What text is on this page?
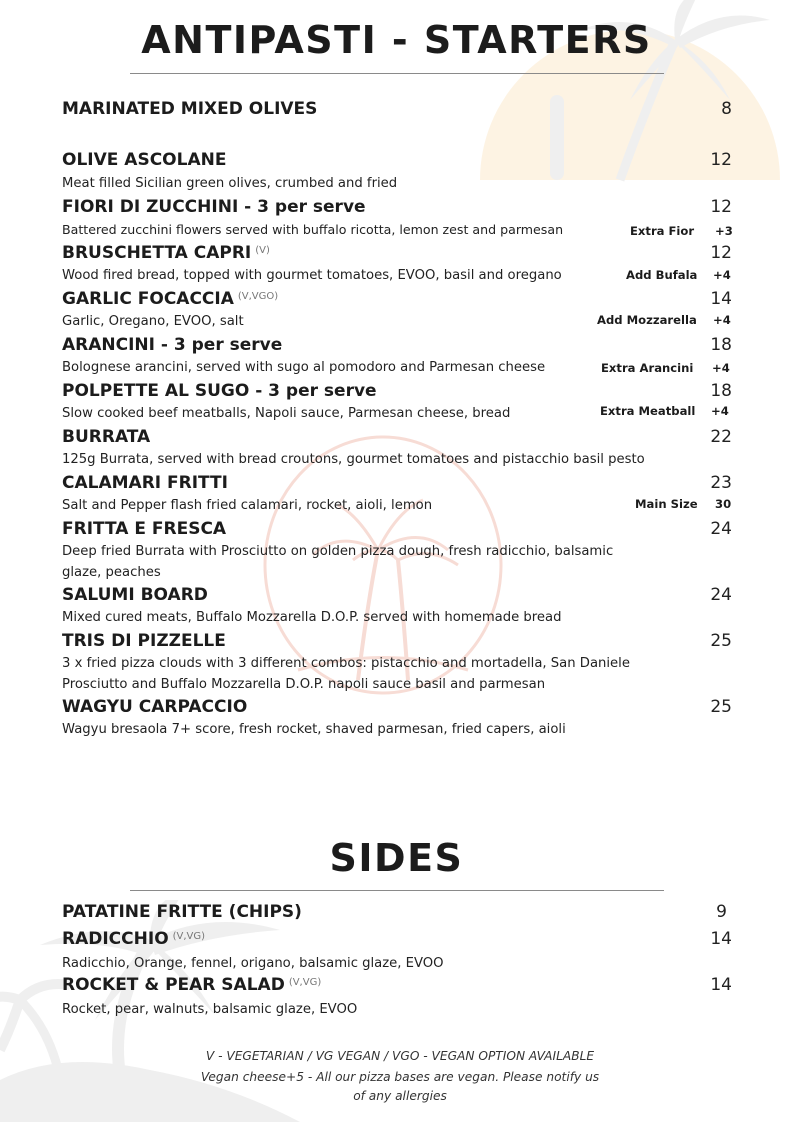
ANTIPASTI - STARTERS
MARINATED MIXED OLIVES	8
OLIVE ASCOLANE	12
Meat filled Sicilian green olives, crumbed and fried
FIORI DI ZUCCHINI - 3 per serve	12
Battered zucchini flowers served with buffalo ricotta, lemon zest and parmesan	Extra Fior +3
BRUSCHETTA CAPRI $^{(V)}$	12
Wood fired bread, topped with gourmet tomatoes, EVOO, basil and oregano	Add Bufala +4
GARLIC FOCACCIA $^{(V,VGO)}$	14
Garlic, Oregano, EVOO, salt	Add Mozzarella +4
ARANCINI - 3 per serve	18
Bolognese arancini, served with sugo al pomodoro and Parmesan cheese	Extra Arancini +4
POLPETTE AL SUGO - 3 per serve	18
Slow cooked beef meatballs, Napoli sauce, Parmesan cheese, bread	Extra Meatball +4
BURRATA	22
125g Burrata, served with bread croutons, gourmet tomatoes and pistacchio basil pesto
CALAMARI FRITTI	23
Salt and Pepper flash fried calamari, rocket, aioli, lemon	Main Size 30
FRITTA E FRESCA	24
Deep fried Burrata with Prosciutto on golden pizza dough, fresh radicchio, balsamic glaze, peaches
SALUMI BOARD	24
Mixed cured meats, Buffalo Mozzarella D.O.P. served with homemade bread
TRIS DI PIZZELLE	25
3 x fried pizza clouds with 3 different combos: pistacchio and mortadella, San Daniele Prosciutto and Buffalo Mozzarella D.O.P. napoli sauce basil and parmesan
WAGYU CARPACCIO	25
Wagyu bresaola 7+ score, fresh rocket, shaved parmesan, fried capers, aioli
SIDES
PATATINE FRITTE (CHIPS)	9
RADICCHIO $^{(V,VG)}$	14
Radicchio, Orange, fennel, origano, balsamic glaze, EVOO
ROCKET & PEAR SALAD $^{(V,VG)}$	14
Rocket, pear, walnuts, balsamic glaze, EVOO
V - VEGETARIAN / VG VEGAN / VGO - VEGAN OPTION AVAILABLE
Vegan cheese+5 - All our pizza bases are vegan. Please notify us
of any allergies
